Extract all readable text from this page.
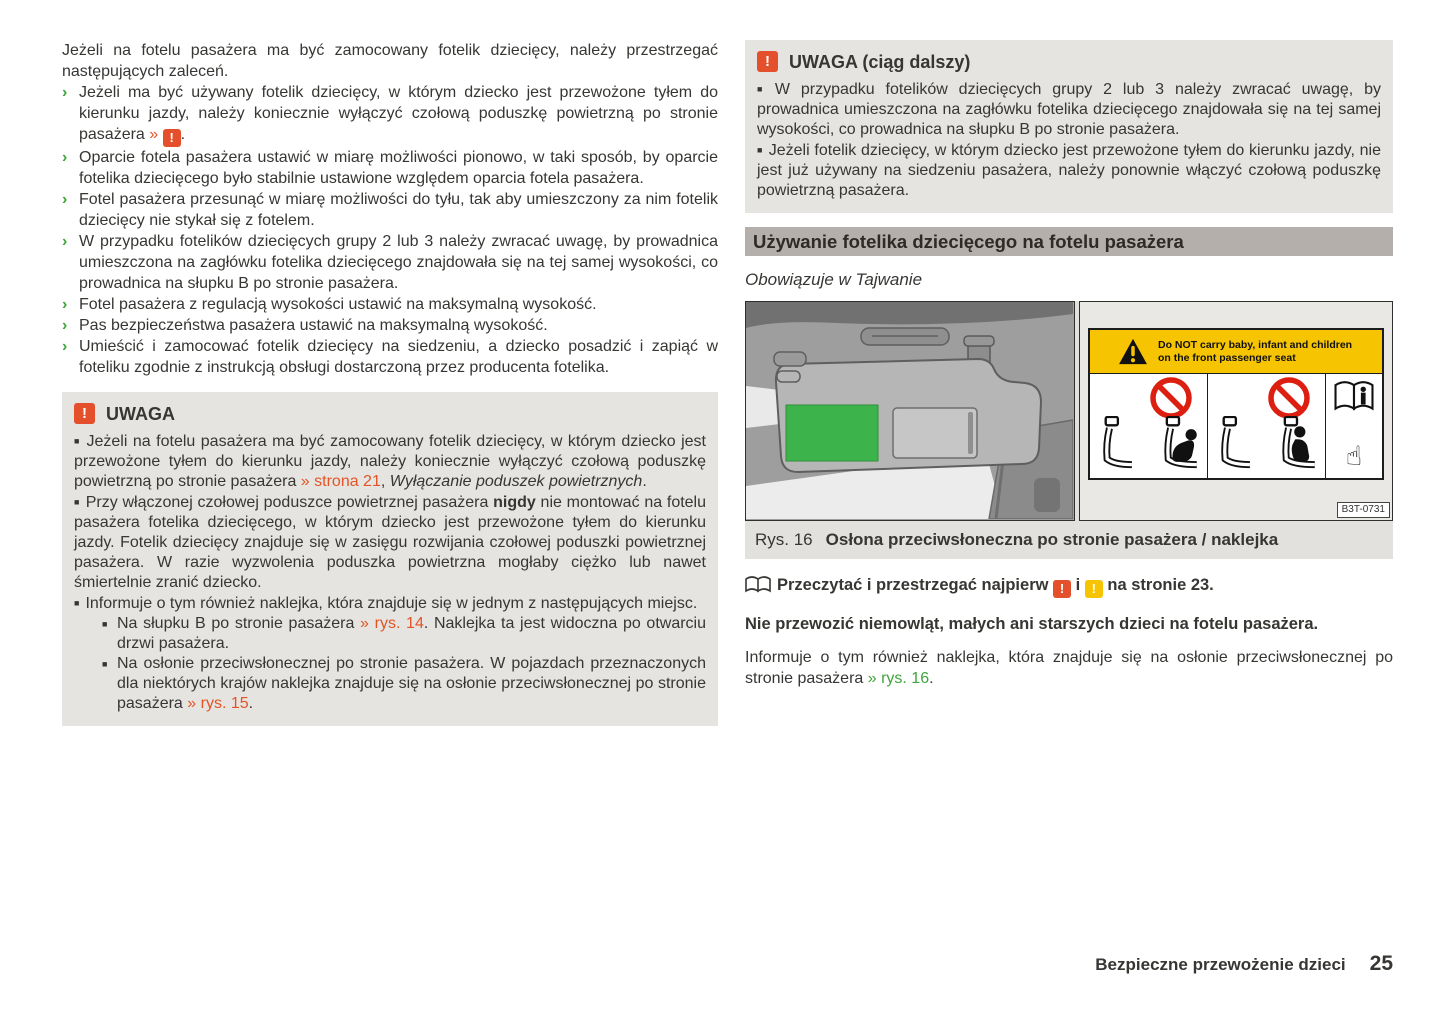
Jeżeli na fotelu pasażera ma być zamocowany fotelik dziecięcy, należy przestrzegać następujących zaleceń.
› Jeżeli ma być używany fotelik dziecięcy, w którym dziecko jest przewożone tyłem do kierunku jazdy, należy koniecznie wyłączyć czołową poduszkę powietrzną po stronie pasażera » ! .
› Oparcie fotela pasażera ustawić w miarę możliwości pionowo, w taki sposób, by oparcie fotelika dziecięcego było stabilnie ustawione względem oparcia fotela pasażera.
› Fotel pasażera przesunąć w miarę możliwości do tyłu, tak aby umieszczony za nim fotelik dziecięcy nie stykał się z fotelem.
› W przypadku fotelików dziecięcych grupy 2 lub 3 należy zwracać uwagę, by prowadnica umieszczona na zagłówku fotelika dziecięcego znajdowała się na tej samej wysokości, co prowadnica na słupku B po stronie pasażera.
› Fotel pasażera z regulacją wysokości ustawić na maksymalną wysokość.
› Pas bezpieczeństwa pasażera ustawić na maksymalną wysokość.
› Umieścić i zamocować fotelik dziecięcy na siedzeniu, a dziecko posadzić i zapiąć w foteliku zgodnie z instrukcją obsługi dostarczoną przez producenta fotelika.
!	UWAGA
■ Jeżeli na fotelu pasażera ma być zamocowany fotelik dziecięcy, w którym dziecko jest przewożone tyłem do kierunku jazdy, należy koniecznie wyłączyć czołową poduszkę powietrzną po stronie pasażera » strona 21, Wyłączanie poduszek powietrznych.
■ Przy włączonej czołowej poduszce powietrznej pasażera nigdy nie montować na fotelu pasażera fotelika dziecięcego, w którym dziecko jest przewożone tyłem do kierunku jazdy. Fotelik dziecięcy znajduje się w zasięgu rozwijania czołowej poduszki powietrznej pasażera. W razie wyzwolenia poduszka powietrzna mogłaby ciężko lub nawet śmiertelnie zranić dziecko.
■ Informuje o tym również naklejka, która znajduje się w jednym z następujących miejsc.
■ Na słupku B po stronie pasażera » rys. 14. Naklejka ta jest widoczna po otwarciu drzwi pasażera.
■ Na osłonie przeciwsłonecznej po stronie pasażera. W pojazdach przeznaczonych dla niektórych krajów naklejka znajduje się na osłonie przeciwsłonecznej po stronie pasażera » rys. 15.
!	UWAGA (ciąg dalszy)
■ W przypadku fotelików dziecięcych grupy 2 lub 3 należy zwracać uwagę, by prowadnica umieszczona na zagłówku fotelika dziecięcego znajdowała się na tej samej wysokości, co prowadnica na słupku B po stronie pasażera.
■ Jeżeli fotelik dziecięcy, w którym dziecko jest przewożone tyłem do kierunku jazdy, nie jest już używany na siedzeniu pasażera, należy ponownie włączyć czołową poduszkę powietrzną pasażera.
Używanie fotelika dziecięcego na fotelu pasażera
Obowiązuje w Tajwanie
Do NOT carry baby, infant and children
on the front passenger seat
☝
B3T-0731
Rys. 16 Osłona przeciwsłoneczna po stronie pasażera / naklejka
Przeczytać i przestrzegać najpierw ! i ! na stronie 23.
Nie przewozić niemowląt, małych ani starszych dzieci na fotelu pasażera.
Informuje o tym również naklejka, która znajduje się na osłonie przeciwsłonecznej po stronie pasażera » rys. 16.
Bezpieczne przewożenie dzieci 25
